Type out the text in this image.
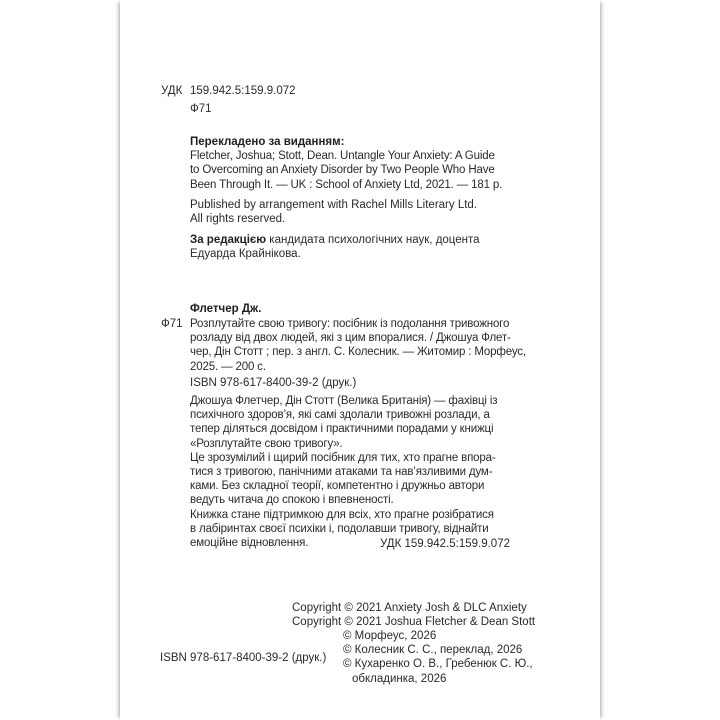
УДК 159.942.5:159.9.072
Ф71
Перекладено за виданням:
Fletcher, Joshua; Stott, Dean. Untangle Your Anxiety: A Guide
to Overcoming an Anxiety Disorder by Two People Who Have
Been Through It. — UK : School of Anxiety Ltd, 2021. — 181 p.
Published by arrangement with Rachel Mills Literary Ltd.
All rights reserved.
За редакцією кандидата психологічних наук, доцента
Едуарда Крайнікова.
Флетчер Дж.
Ф71 Розплутайте свою тривогу: посібник із подолання тривожного
розладу від двох людей, які з цим впоралися. / Джошуа Флет-
чер, Дін Стотт ; пер. з англ. С. Колесник. — Житомир : Морфеус,
2025. — 200 с.
ISBN 978-617-8400-39-2 (друк.)
Джошуа Флетчер, Дін Стотт (Велика Британія) — фахівці із
психічного здоров’я, які самі здолали тривожні розлади, а
тепер діляться досвідом і практичними порадами у книжці
«Розплутайте свою тривогу».
Це зрозумілий і щирий посібник для тих, хто прагне впора-
тися з тривогою, панічними атаками та нав’язливими дум-
ками. Без складної теорії, компетентно і дружньо автори
ведуть читача до спокою і впевненості.
Книжка стане підтримкою для всіх, хто прагне розібратися
в лабіринтах своєї психіки і, подолавши тривогу, віднайти
емоційне відновлення.	УДК 159.942.5:159.9.072
Copyright © 2021 Anxiety Josh & DLC Anxiety
Copyright © 2021 Joshua Fletcher & Dean Stott
© Морфеус, 2026
© Колесник С. С., переклад, 2026
© Кухаренко О. В., Гребенюк С. Ю.,
обкладинка, 2026
ISBN 978-617-8400-39-2 (друк.)
